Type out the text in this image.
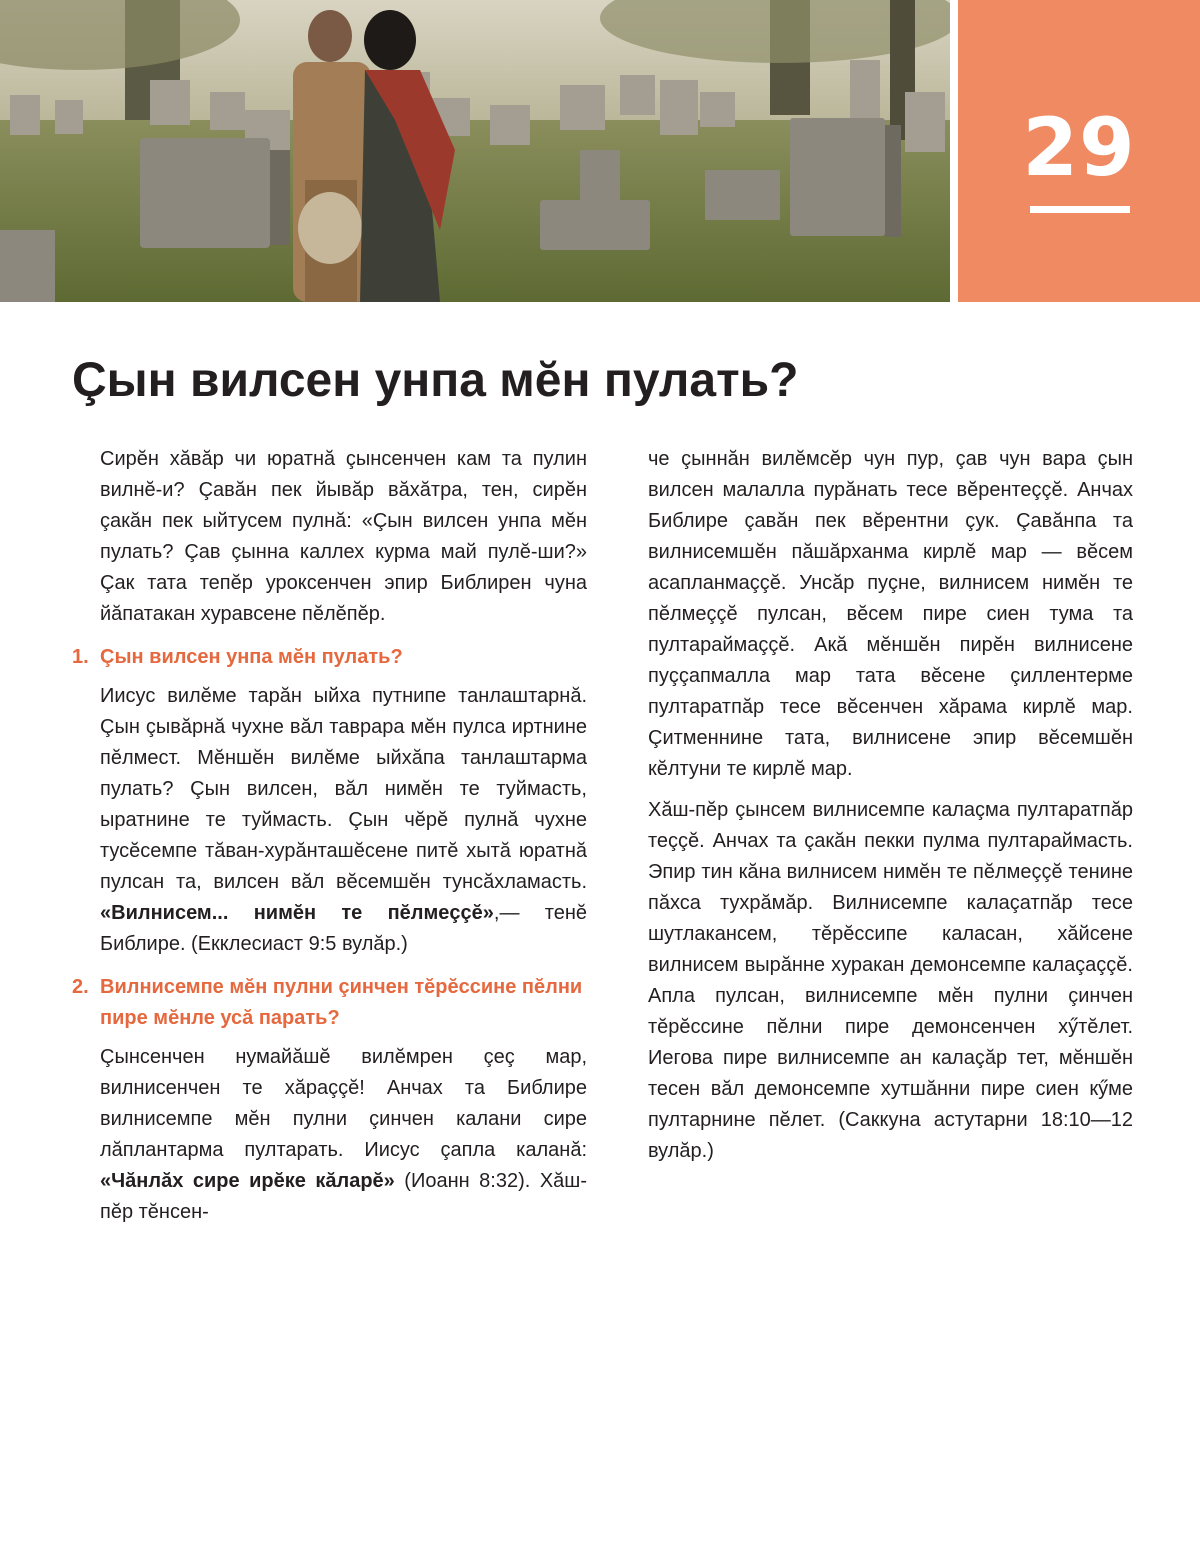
29
Çын вилсен унпа мĕн пулать?

Сирĕн хăвăр чи юратнă çынсенчен кам та пулин вилнĕ-и? Çавăн пек йывăр вăхăтра, тен, сирĕн çакăн пек ыйтусем пулнă: «Çын вилсен унпа мĕн пулать? Çав çынна каллех курма май пулĕ-ши?» Çак тата тепĕр уроксенчен эпир Библирен чуна йăпатакан хуравсене пĕлĕпĕр.

1. Çын вилсен унпа мĕн пулать?

Иисус вилĕме тарăн ыйха путнипе танлаштарнă. Çын çывăрнă чухне вăл таврара мĕн пулса иртнине пĕлмест. Мĕншĕн вилĕме ыйхăпа танлаштарма пулать? Çын вилсен, вăл нимĕн те туймасть, ыратнине те туймасть. Çын чĕрĕ пулнă чухне тусĕсемпе тăван-хурăнташĕсене питĕ хытă юратнă пулсан та, вилсен вăл вĕсемшĕн тунсăхламасть. «Вилнисем... нимĕн те пĕлмеççĕ»,— тенĕ Библире. (Екклесиаст 9:5 вулăр.)

2. Вилнисемпе мĕн пулни çинчен тĕрĕссине пĕлни пире мĕнле усă парать?

Çынсенчен нумайăшĕ вилĕмрен çеç мар, вилнисенчен те хăраççĕ! Анчах та Библире вилнисемпе мĕн пулни çинчен калани сире лăплантарма пултарать. Иисус çапла каланă: «Чăнлăх сире ирĕке кăларĕ» (Иоанн 8:32). Хăш-пĕр тĕнсен-

че çыннăн вилĕмсĕр чун пур, çав чун вара çын вилсен малалла пурăнать тесе вĕрентеççĕ. Анчах Библире çавăн пек вĕрентни çук. Çавăнпа та вилнисемшĕн пăшăрханма кирлĕ мар — вĕсем асапланмаççĕ. Унсăр пуçне, вилнисем нимĕн те пĕлмеççĕ пулсан, вĕсем пире сиен тума та пултараймаççĕ. Акă мĕншĕн пирĕн вилнисене пуççапмалла мар тата вĕсене çиллентерме пултаратпăр тесе вĕсенчен хăрама кирлĕ мар. Çитменнине тата, вилнисене эпир вĕсемшĕн кĕлтуни те кирлĕ мар.

Хăш-пĕр çынсем вилнисемпе калаçма пултаратпăр теççĕ. Анчах та çакăн пекки пулма пултараймасть. Эпир тин кăна вилнисем нимĕн те пĕлмеççĕ тенине пăхса тухрăмăр. Вилнисемпе калаçатпăр тесе шутлакансем, тĕрĕссипе каласан, хăйсене вилнисем вырăнне хуракан демонсемпе калаçаççĕ. Апла пулсан, вилнисемпе мĕн пулни çинчен тĕрĕссине пĕлни пире демонсенчен хӳтĕлет. Иегова пире вилнисемпе ан калаçăр тет, мĕншĕн тесен вăл демонсемпе хутшăнни пире сиен кӳме пултарнине пĕлет. (Саккуна астутарни 18:10—12 вулăр.)
